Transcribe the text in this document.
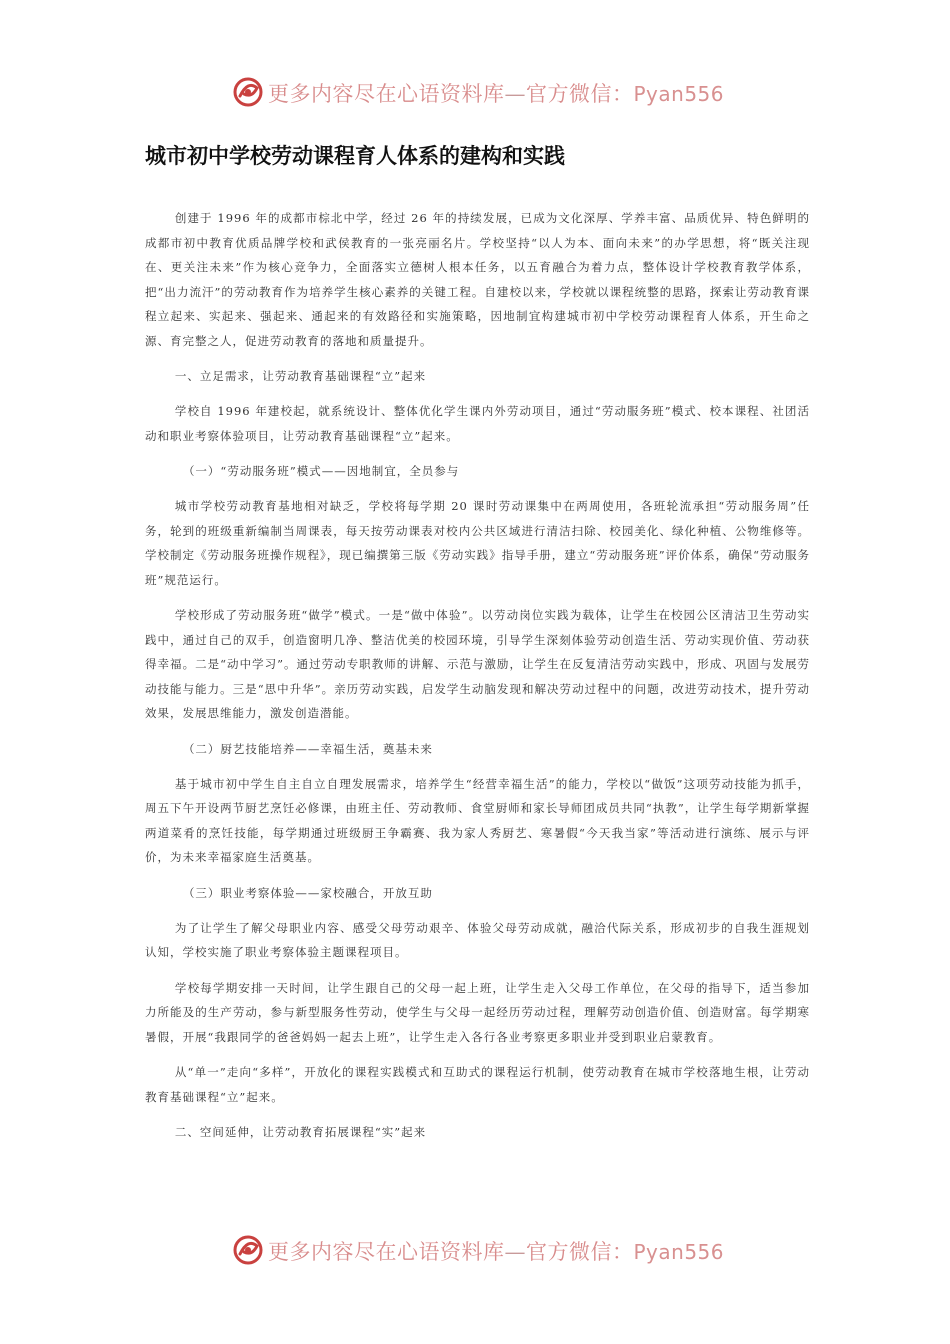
更多内容尽在心语资料库—官方微信：Pyan556
城市初中学校劳动课程育人体系的建构和实践
创建于 1996 年的成都市棕北中学，经过 26 年的持续发展，已成为文化深厚、学养丰富、品质优异、特色鲜明的成都市初中教育优质品牌学校和武侯教育的一张亮丽名片。学校坚持“以人为本、面向未来”的办学思想，将“既关注现在、更关注未来”作为核心竞争力，全面落实立德树人根本任务，以五育融合为着力点，整体设计学校教育教学体系，把“出力流汗”的劳动教育作为培养学生核心素养的关键工程。自建校以来，学校就以课程统整的思路，探索让劳动教育课程立起来、实起来、强起来、通起来的有效路径和实施策略，因地制宜构建城市初中学校劳动课程育人体系，开生命之源、育完整之人，促进劳动教育的落地和质量提升。
一、立足需求，让劳动教育基础课程“立”起来
学校自 1996 年建校起，就系统设计、整体优化学生课内外劳动项目，通过“劳动服务班”模式、校本课程、社团活动和职业考察体验项目，让劳动教育基础课程“立”起来。
（一）“劳动服务班”模式——因地制宜，全员参与
城市学校劳动教育基地相对缺乏，学校将每学期 20 课时劳动课集中在两周使用，各班轮流承担“劳动服务周”任务，轮到的班级重新编制当周课表，每天按劳动课表对校内公共区域进行清洁扫除、校园美化、绿化种植、公物维修等。学校制定《劳动服务班操作规程》，现已编撰第三版《劳动实践》指导手册，建立“劳动服务班”评价体系，确保“劳动服务班”规范运行。
学校形成了劳动服务班“做学”模式。一是“做中体验”。以劳动岗位实践为载体，让学生在校园公区清洁卫生劳动实践中，通过自己的双手，创造窗明几净、整洁优美的校园环境，引导学生深刻体验劳动创造生活、劳动实现价值、劳动获得幸福。二是“动中学习”。通过劳动专职教师的讲解、示范与激励，让学生在反复清洁劳动实践中，形成、巩固与发展劳动技能与能力。三是“思中升华”。亲历劳动实践，启发学生动脑发现和解决劳动过程中的问题，改进劳动技术，提升劳动效果，发展思维能力，激发创造潜能。
（二）厨艺技能培养——幸福生活，奠基未来
基于城市初中学生自主自立自理发展需求，培养学生“经营幸福生活”的能力，学校以“做饭”这项劳动技能为抓手，周五下午开设两节厨艺烹饪必修课，由班主任、劳动教师、食堂厨师和家长导师团成员共同“执教”，让学生每学期新掌握两道菜肴的烹饪技能，每学期通过班级厨王争霸赛、我为家人秀厨艺、寒暑假“今天我当家”等活动进行演练、展示与评价，为未来幸福家庭生活奠基。
（三）职业考察体验——家校融合，开放互助
为了让学生了解父母职业内容、感受父母劳动艰辛、体验父母劳动成就，融洽代际关系，形成初步的自我生涯规划认知，学校实施了职业考察体验主题课程项目。
学校每学期安排一天时间，让学生跟自己的父母一起上班，让学生走入父母工作单位，在父母的指导下，适当参加力所能及的生产劳动，参与新型服务性劳动，使学生与父母一起经历劳动过程，理解劳动创造价值、创造财富。每学期寒暑假，开展“我跟同学的爸爸妈妈一起去上班”，让学生走入各行各业考察更多职业并受到职业启蒙教育。
从“单一”走向“多样”，开放化的课程实践模式和互助式的课程运行机制，使劳动教育在城市学校落地生根，让劳动教育基础课程“立”起来。
二、空间延伸，让劳动教育拓展课程“实”起来
更多内容尽在心语资料库—官方微信：Pyan556
